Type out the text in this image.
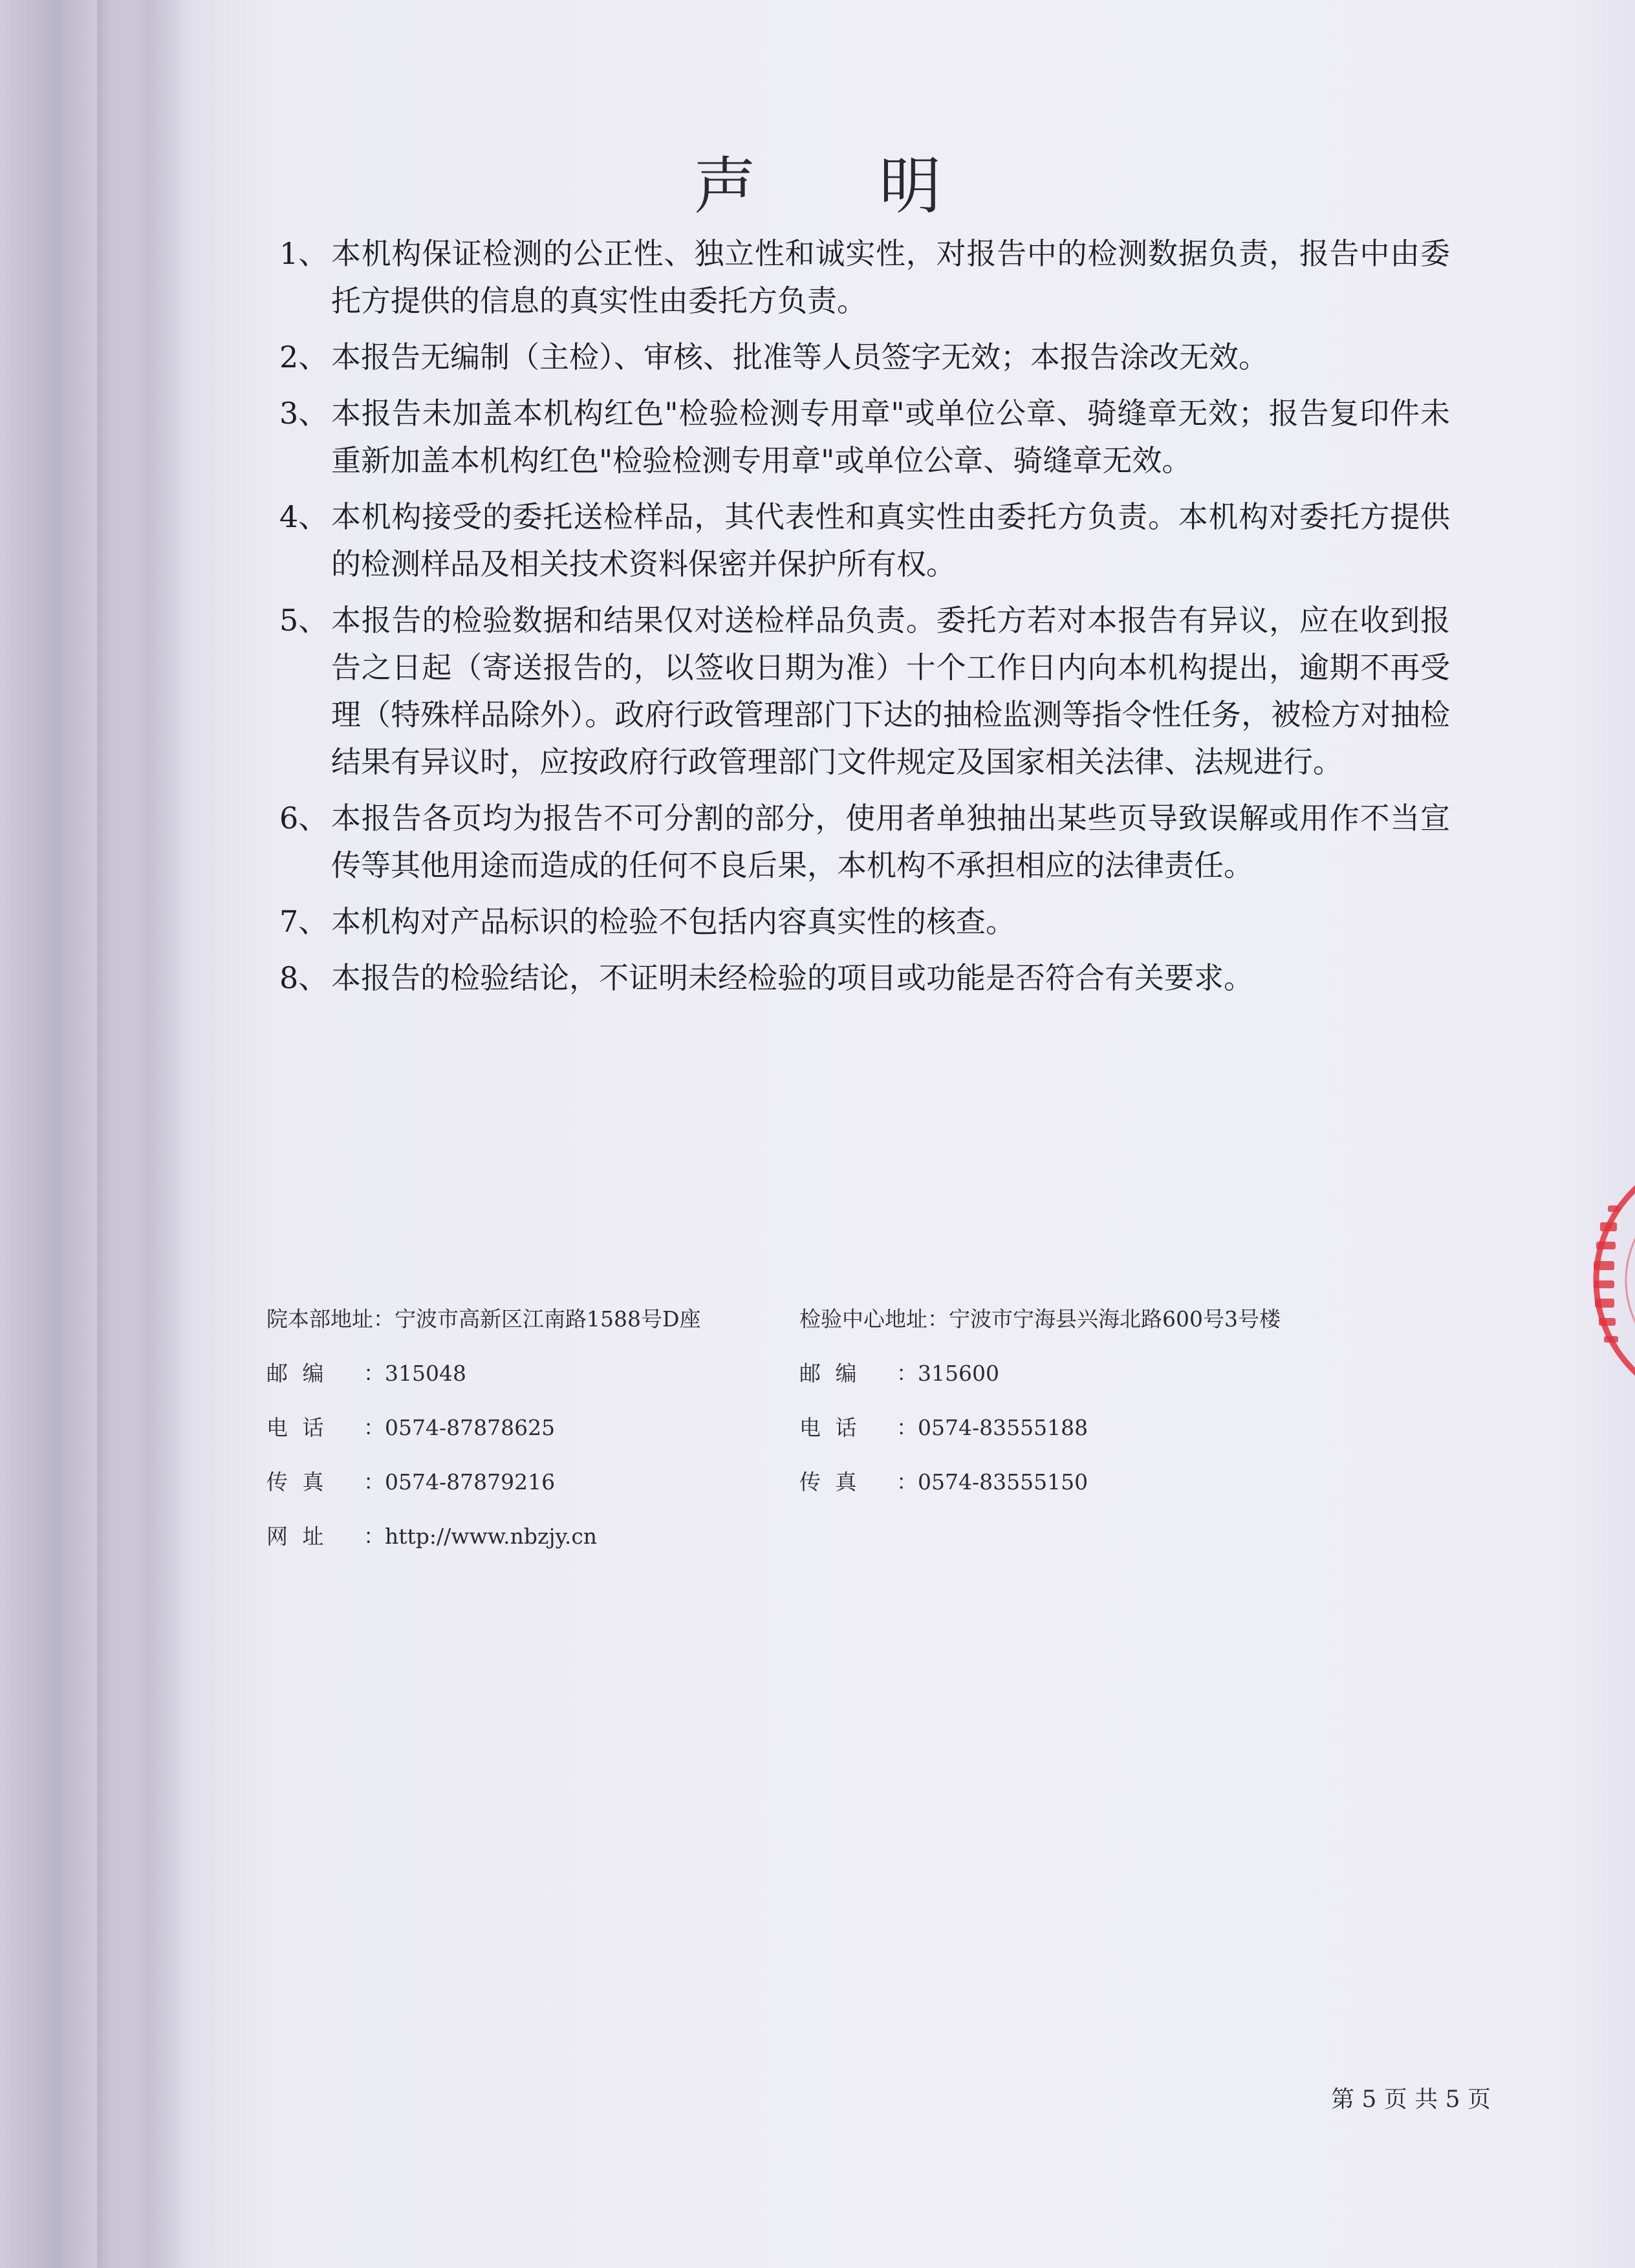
声 明
1、 本机构保证检测的公正性、独立性和诚实性，对报告中的检测数据负责，报告中由委托方提供的信息的真实性由委托方负责。
2、 本报告无编制（主检）、审核、批准等人员签字无效；本报告涂改无效。
3、 本报告未加盖本机构红色"检验检测专用章"或单位公章、骑缝章无效；报告复印件未重新加盖本机构红色"检验检测专用章"或单位公章、骑缝章无效。
4、 本机构接受的委托送检样品，其代表性和真实性由委托方负责。本机构对委托方提供的检测样品及相关技术资料保密并保护所有权。
5、 本报告的检验数据和结果仅对送检样品负责。委托方若对本报告有异议，应在收到报告之日起（寄送报告的，以签收日期为准）十个工作日内向本机构提出，逾期不再受理（特殊样品除外）。政府行政管理部门下达的抽检监测等指令性任务，被检方对抽检结果有异议时，应按政府行政管理部门文件规定及国家相关法律、法规进行。
6、 本报告各页均为报告不可分割的部分，使用者单独抽出某些页导致误解或用作不当宣传等其他用途而造成的任何不良后果，本机构不承担相应的法律责任。
7、 本机构对产品标识的检验不包括内容真实性的核查。
8、 本报告的检验结论，不证明未经检验的项目或功能是否符合有关要求。
院本部地址：宁波市高新区江南路1588号D座
邮 编 ：315048
电 话 ：0574-87878625
传 真 ：0574-87879216
网 址 ：http://www.nbzjy.cn
检验中心地址：宁波市宁海县兴海北路600号3号楼
邮 编 ：315600
电 话 ：0574-83555188
传 真 ：0574-83555150
第 5 页 共 5 页
